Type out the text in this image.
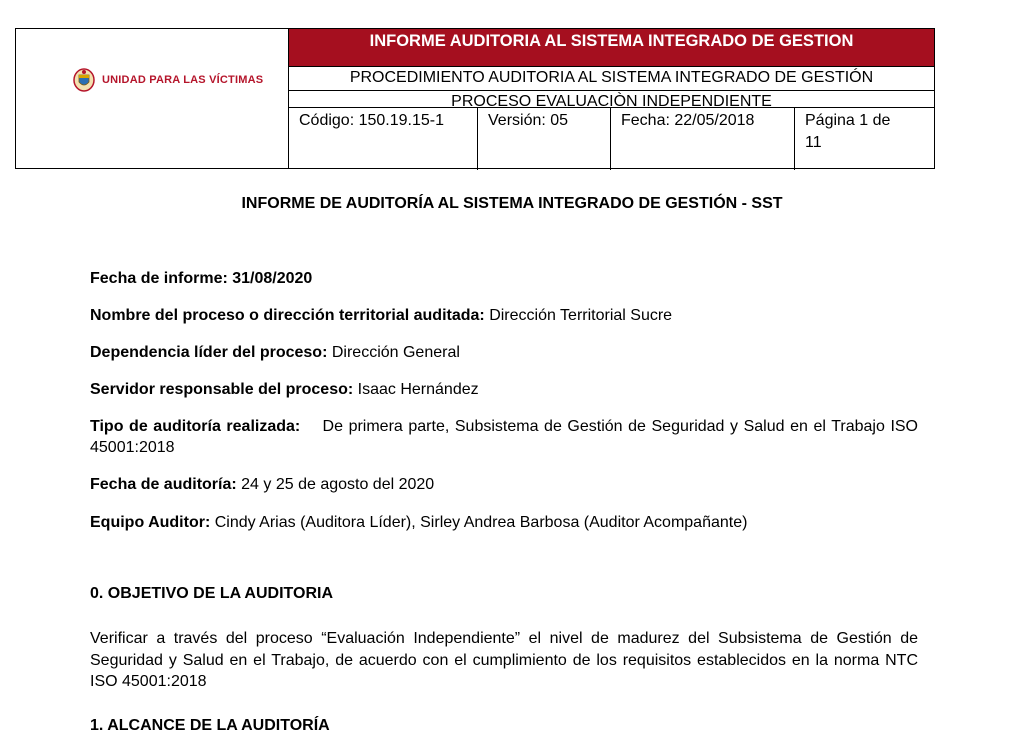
UNIDAD PARA LAS VÍCTIMAS
INFORME AUDITORIA AL SISTEMA INTEGRADO DE GESTION
PROCEDIMIENTO AUDITORIA AL SISTEMA INTEGRADO DE GESTIÓN
PROCESO EVALUACIÒN INDEPENDIENTE
Código: 150.19.15-1	Versión: 05	Fecha: 22/05/2018	Página 1 de
11
INFORME DE AUDITORÍA AL SISTEMA INTEGRADO DE GESTIÓN - SST
Fecha de informe: 31/08/2020
Nombre del proceso o dirección territorial auditada: Dirección Territorial Sucre
Dependencia líder del proceso: Dirección General
Servidor responsable del proceso: Isaac Hernández
Tipo de auditoría realizada:    De primera parte, Subsistema de Gestión de Seguridad y Salud en el Trabajo ISO 45001:2018
Fecha de auditoría: 24 y 25 de agosto del 2020
Equipo Auditor: Cindy Arias (Auditora Líder), Sirley Andrea Barbosa (Auditor Acompañante)
0. OBJETIVO DE LA AUDITORIA
Verificar a través del proceso “Evaluación Independiente” el nivel de madurez del Subsistema de Gestión de Seguridad y Salud en el Trabajo, de acuerdo con el cumplimiento de los requisitos establecidos en la norma NTC ISO 45001:2018
1. ALCANCE DE LA AUDITORÍA
